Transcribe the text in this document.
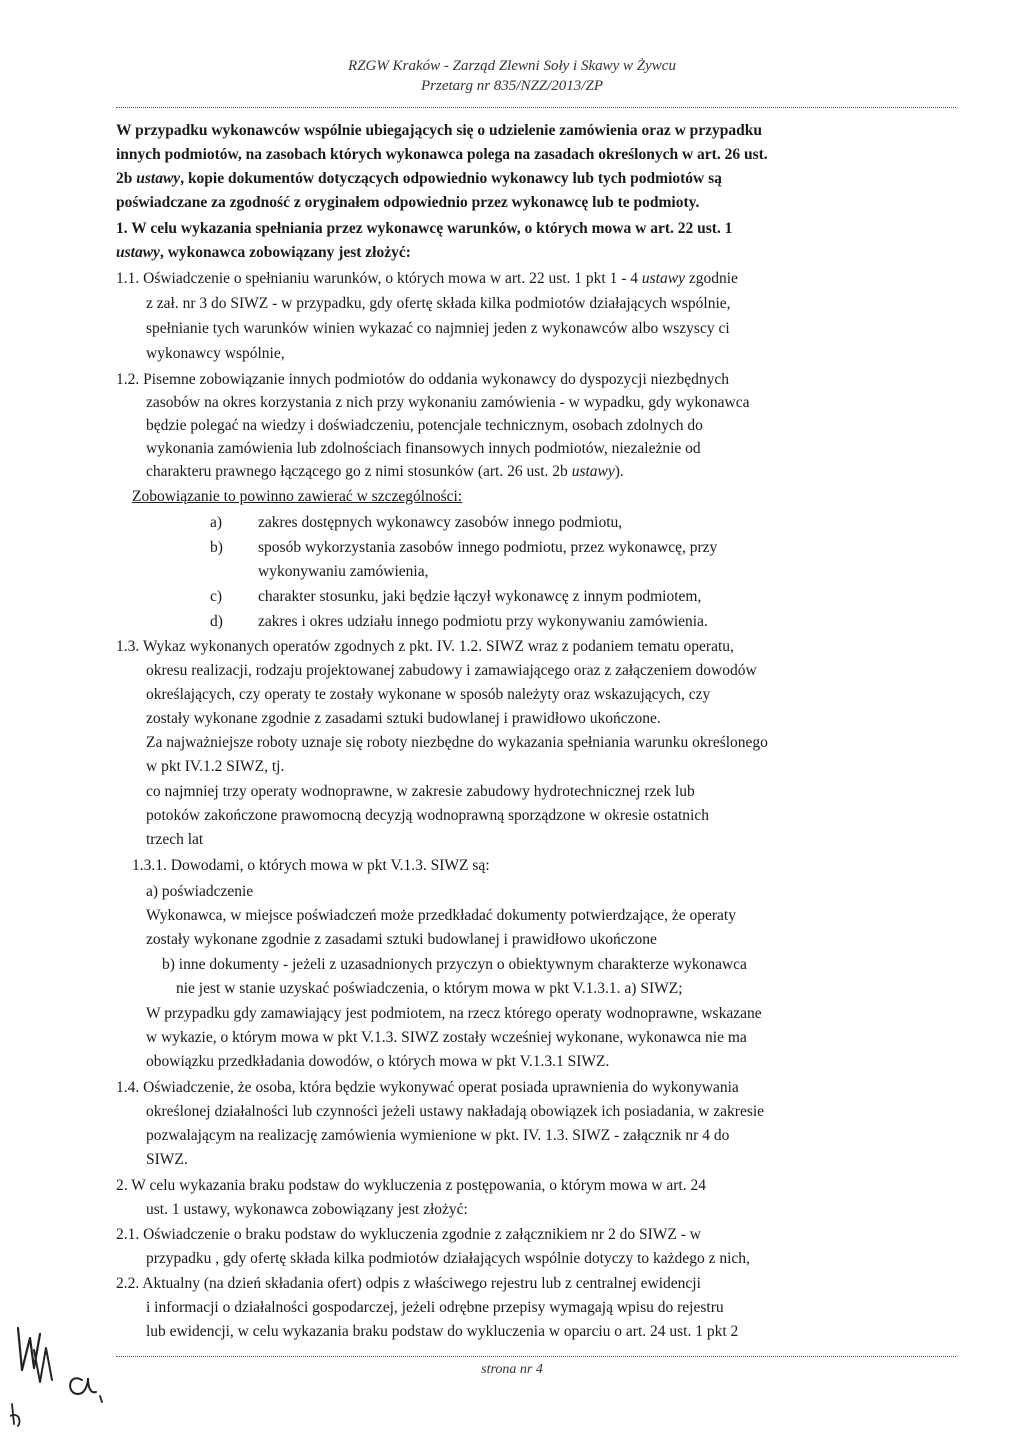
RZGW Kraków - Zarząd Zlewni Soły i Skawy w Żywcu
Przetarg nr 835/NZZ/2013/ZP
W przypadku wykonawców wspólnie ubiegających się o udzielenie zamówienia oraz w przypadku
innych podmiotów, na zasobach których wykonawca polega na zasadach określonych w art. 26 ust.
2b ustawy, kopie dokumentów dotyczących odpowiednio wykonawcy lub tych podmiotów są
poświadczane za zgodność z oryginałem odpowiednio przez wykonawcę lub te podmioty.
1. W celu wykazania spełniania przez wykonawcę warunków, o których mowa w art. 22 ust. 1
ustawy, wykonawca zobowiązany jest złożyć:
1.1. Oświadczenie o spełnianiu warunków, o których mowa w art. 22 ust. 1 pkt 1 - 4 ustawy zgodnie
z zał. nr 3 do SIWZ - w przypadku, gdy ofertę składa kilka podmiotów działających wspólnie,
spełnianie tych warunków winien wykazać co najmniej jeden z wykonawców albo wszyscy ci
wykonawcy wspólnie,
1.2. Pisemne zobowiązanie innych podmiotów do oddania wykonawcy do dyspozycji niezbędnych
zasobów na okres korzystania z nich przy wykonaniu zamówienia - w wypadku, gdy wykonawca
będzie polegać na wiedzy i doświadczeniu, potencjale technicznym, osobach zdolnych do
wykonania zamówienia lub zdolnościach finansowych innych podmiotów, niezależnie od
charakteru prawnego łączącego go z nimi stosunków (art. 26 ust. 2b ustawy).
Zobowiązanie to powinno zawierać w szczególności:
a) zakres dostępnych wykonawcy zasobów innego podmiotu,
b) sposób wykorzystania zasobów innego podmiotu, przez wykonawcę, przy
wykonywaniu zamówienia,
c) charakter stosunku, jaki będzie łączył wykonawcę z innym podmiotem,
d) zakres i okres udziału innego podmiotu przy wykonywaniu zamówienia.
1.3. Wykaz wykonanych operatów zgodnych z pkt. IV. 1.2. SIWZ wraz z podaniem tematu operatu,
okresu realizacji, rodzaju projektowanej zabudowy i zamawiającego oraz z załączeniem dowodów
określających, czy operaty te zostały wykonane w sposób należyty oraz wskazujących, czy
zostały wykonane zgodnie z zasadami sztuki budowlanej i prawidłowo ukończone.
Za najważniejsze roboty uznaje się roboty niezbędne do wykazania spełniania warunku określonego
w pkt IV.1.2 SIWZ, tj.
co najmniej trzy operaty wodnoprawne, w zakresie zabudowy hydrotechnicznej rzek lub
potoków zakończone prawomocną decyzją wodnoprawną sporządzone w okresie ostatnich
trzech lat
1.3.1. Dowodami, o których mowa w pkt V.1.3. SIWZ są:
a) poświadczenie
Wykonawca, w miejsce poświadczeń może przedkładać dokumenty potwierdzające, że operaty
zostały wykonane zgodnie z zasadami sztuki budowlanej i prawidłowo ukończone
b) inne dokumenty - jeżeli z uzasadnionych przyczyn o obiektywnym charakterze wykonawca
nie jest w stanie uzyskać poświadczenia, o którym mowa w pkt V.1.3.1. a) SIWZ;
W przypadku gdy zamawiający jest podmiotem, na rzecz którego operaty wodnoprawne, wskazane
w wykazie, o którym mowa w pkt V.1.3. SIWZ zostały wcześniej wykonane, wykonawca nie ma
obowiązku przedkładania dowodów, o których mowa w pkt V.1.3.1 SIWZ.
1.4. Oświadczenie, że osoba, która będzie wykonywać operat posiada uprawnienia do wykonywania
określonej działalności lub czynności jeżeli ustawy nakładają obowiązek ich posiadania, w zakresie
pozwalającym na realizację zamówienia wymienione w pkt. IV. 1.3. SIWZ - załącznik nr 4 do
SIWZ.
2. W celu wykazania braku podstaw do wykluczenia z postępowania, o którym mowa w art. 24
ust. 1 ustawy, wykonawca zobowiązany jest złożyć:
2.1. Oświadczenie o braku podstaw do wykluczenia zgodnie z załącznikiem nr 2 do SIWZ - w
przypadku , gdy ofertę składa kilka podmiotów działających wspólnie dotyczy to każdego z nich,
2.2. Aktualny (na dzień składania ofert) odpis z właściwego rejestru lub z centralnej ewidencji
i informacji o działalności gospodarczej, jeżeli odrębne przepisy wymagają wpisu do rejestru
lub ewidencji, w celu wykazania braku podstaw do wykluczenia w oparciu o art. 24 ust. 1 pkt 2
strona nr 4
